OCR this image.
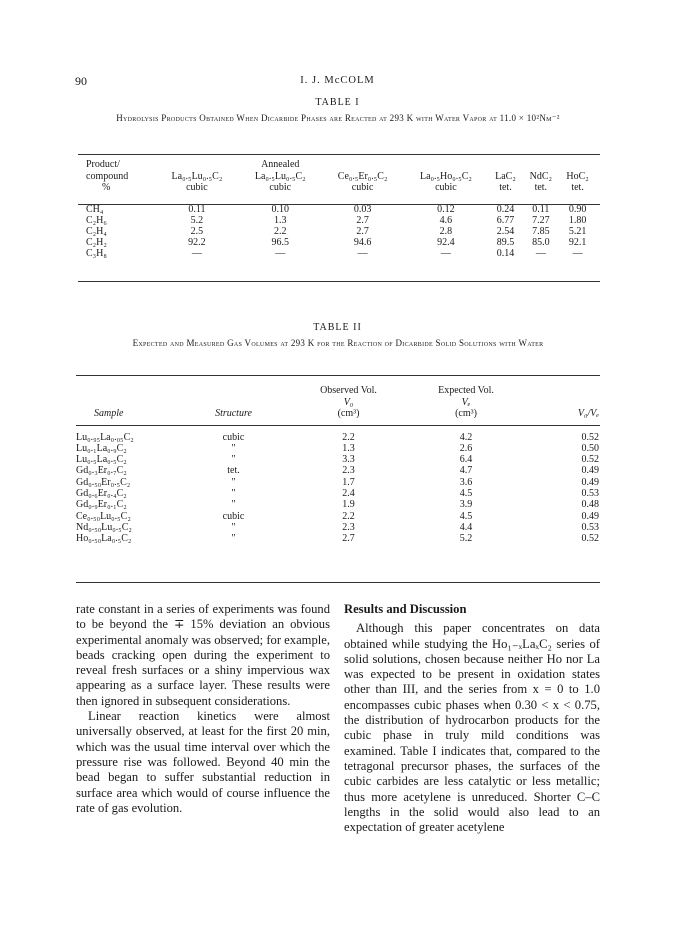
90	I. J. McCOLM
TABLE I
Hydrolysis Products Obtained When Dicarbide Phases are Reacted at 293 K with Water Vapor at 11.0 × 10²Nm⁻²
Product/		Annealed					
compound	La₀.₅Lu₀.₅C₂	La₀.₅Lu₀.₅C₂	Ce₀.₅Er₀.₅C₂	La₀.₅Ho₀.₅C₂	LaC₂	NdC₂	HoC₂
%	cubic	cubic	cubic	cubic	tet.	tet.	tet.

CH₄	0.11	0.10	0.03	0.12	0.24	0.11	0.90
C₂H₆	5.2	1.3	2.7	4.6	6.77	7.27	1.80
C₂H₄	2.5	2.2	2.7	2.8	2.54	7.85	5.21
C₂H₂	92.2	96.5	94.6	92.4	89.5	85.0	92.1
C₃H₈	—	—	—	—	0.14	—	—
TABLE II
Expected and Measured Gas Volumes at 293 K for the Reaction of Dicarbide Solid Solutions with Water
		Observed Vol.	Expected Vol.	
		V₀	Vₑ	
Sample	Structure	(cm³)	(cm³)	V₀/Vₑ

Lu₀.₉₅La₀.₀₅C₂	cubic	2.2	4.2	0.52
Lu₀.₁La₀.₉C₂	"	1.3	2.6	0.50
Lu₀.₅La₀.₅C₂	"	3.3	6.4	0.52
Gd₀.₃Er₀.₇C₂	tet.	2.3	4.7	0.49
Gd₀.₅₀Er₀.₅C₂	"	1.7	3.6	0.49
Gd₀.₆Er₀.₄C₂	"	2.4	4.5	0.53
Gd₀.₉Er₀.₁C₂	"	1.9	3.9	0.48
Ce₀.₅₀Lu₀.₅C₂	cubic	2.2	4.5	0.49
Nd₀.₅₀Lu₀.₅C₂	"	2.3	4.4	0.53
Ho₀.₅₀La₀.₅C₂	"	2.7	5.2	0.52

rate constant in a series of experiments was found to be beyond the ∓ 15% deviation an obvious experimental anomaly was observed; for example, beads cracking open during the experiment to reveal fresh surfaces or a shiny impervious wax appearing as a surface layer. These results were then ignored in subsequent considerations.

Linear reaction kinetics were almost universally observed, at least for the first 20 min, which was the usual time interval over which the pressure rise was followed. Beyond 40 min the bead began to suffer substantial reduction in surface area which would of course influence the rate of gas evolution.

Results and Discussion

Although this paper concentrates on data obtained while studying the Ho₁₋ₓLaₓC₂ series of solid solutions, chosen because neither Ho nor La was expected to be present in oxidation states other than III, and the series from x = 0 to 1.0 encompasses cubic phases when 0.30 < x < 0.75, the distribution of hydrocarbon products for the cubic phase in truly mild conditions was examined. Table I indicates that, compared to the tetragonal precursor phases, the surfaces of the cubic carbides are less catalytic or less metallic; thus more acetylene is unreduced. Shorter C–C lengths in the solid would also lead to an expectation of greater acetylene
